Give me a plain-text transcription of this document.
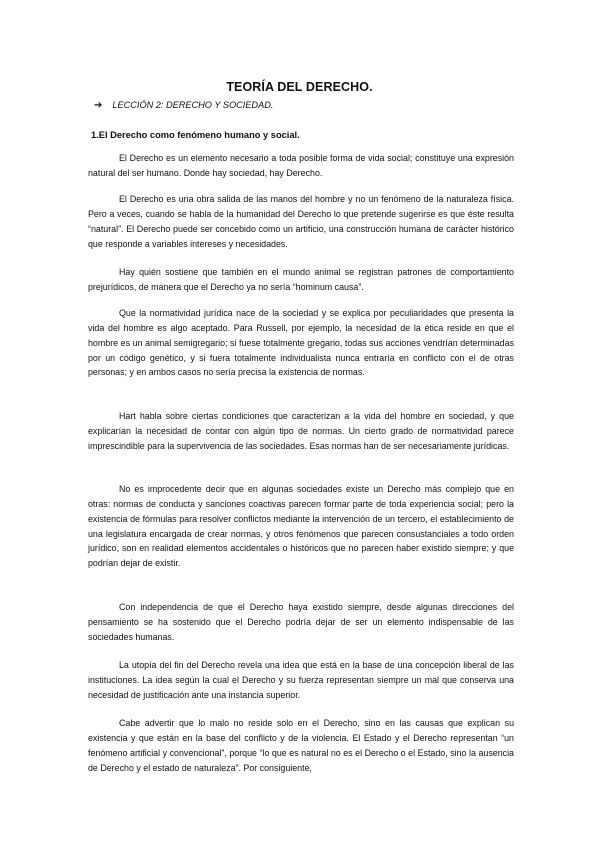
TEORÍA DEL DERECHO.
➔ LECCIÓN 2: DERECHO Y SOCIEDAD.
1.El Derecho como fenómeno humano y social.

El Derecho es un elemento necesario a toda posible forma de vida social; constituye una expresión natural del ser humano. Donde hay sociedad, hay Derecho.

El Derecho es una obra salida de las manos del hombre y no un fenómeno de la naturaleza física. Pero a veces, cuando se habla de la humanidad del Derecho lo que pretende sugerirse es que éste resulta “natural”. El Derecho puede ser concebido como un artificio, una construcción humana de carácter histórico que responde a variables intereses y necesidades.

Hay quién sostiene que también en el mundo animal se registran patrones de comportamiento prejurídicos, de manera que el Derecho ya no sería “hominum causa”.

Que la normatividad jurídica nace de la sociedad y se explica por peculiaridades que presenta la vida del hombre es algo aceptado. Para Russell, por ejemplo, la necesidad de la ética reside en que el hombre es un animal semigregario; si fuese totalmente gregario, todas sus acciones vendrían determinadas por un código genético, y si fuera totalmente individualista nunca entraría en conflicto con el de otras personas; y en ambos casos no sería precisa la existencia de normas.

Hart habla sobre ciertas condiciones que caracterizan a la vida del hombre en sociedad, y que explicarían la necesidad de contar con algún tipo de normas. Un cierto grado de normatividad parece imprescindible para la supervivencia de las sociedades. Esas normas han de ser necesariamente jurídicas.

No es improcedente decir que en algunas sociedades existe un Derecho más complejo que en otras: normas de conducta y sanciones coactivas parecen formar parte de toda experiencia social; pero la existencia de fórmulas para resolver conflictos mediante la intervención de un tercero, el establecimiento de una legislatura encargada de crear normas, y otros fenómenos que parecen consustanciales a todo orden jurídico, son en realidad elementos accidentales o históricos que no parecen haber existido siempre; y que podrían dejar de existir.

Con independencia de que el Derecho haya existido siempre, desde algunas direcciones del pensamiento se ha sostenido que el Derecho podría dejar de ser un elemento indispensable de las sociedades humanas.

La utopía del fin del Derecho revela una idea que está en la base de una concepción liberal de las instituciones. La idea según la cual el Derecho y su fuerza representan siempre un mal que conserva una necesidad de justificación ante una instancia superior.

Cabe advertir que lo malo no reside solo en el Derecho, sino en las causas que explican su existencia y que están en la base del conflicto y de la violencia. El Estado y el Derecho representan “un fenómeno artificial y convencional”, porque “lo que es natural no es el Derecho o el Estado, sino la ausencia de Derecho y el estado de naturaleza”. Por consiguiente,
